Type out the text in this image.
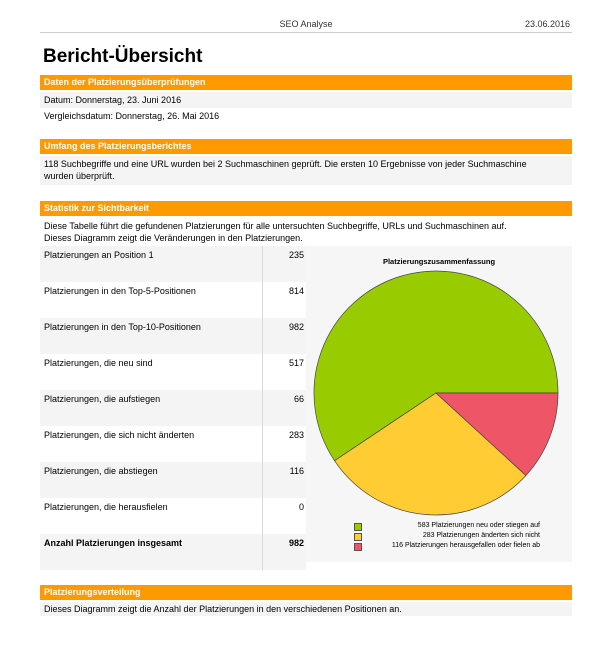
SEO Analyse	23.06.2016
Bericht-Übersicht
Daten der Platzierungsüberprüfungen
Datum: Donnerstag, 23. Juni 2016
Vergleichsdatum: Donnerstag, 26. Mai 2016
Umfang des Platzierungsberichtes
118 Suchbegriffe und eine URL wurden bei 2 Suchmaschinen geprüft. Die ersten 10 Ergebnisse von jeder Suchmaschine
wurden überprüft.
Statistik zur Sichtbarkeit
Diese Tabelle führt die gefundenen Platzierungen für alle untersuchten Suchbegriffe, URLs und Suchmaschinen auf.
Dieses Diagramm zeigt die Veränderungen in den Platzierungen.
Platzierungen an Position 1	235
Platzierungen in den Top-5-Positionen	814
Platzierungen in den Top-10-Positionen	982
Platzierungen, die neu sind	517
Platzierungen, die aufstiegen	66
Platzierungen, die sich nicht änderten	283
Platzierungen, die abstiegen	116
Platzierungen, die herausfielen	0
Anzahl Platzierungen insgesamt	982
Platzierungszusammenfassung
583 Platzierungen neu oder stiegen auf
283 Platzierungen änderten sich nicht
116 Platzierungen herausgefallen oder fielen ab
Platzierungsverteilung
Dieses Diagramm zeigt die Anzahl der Platzierungen in den verschiedenen Positionen an.
